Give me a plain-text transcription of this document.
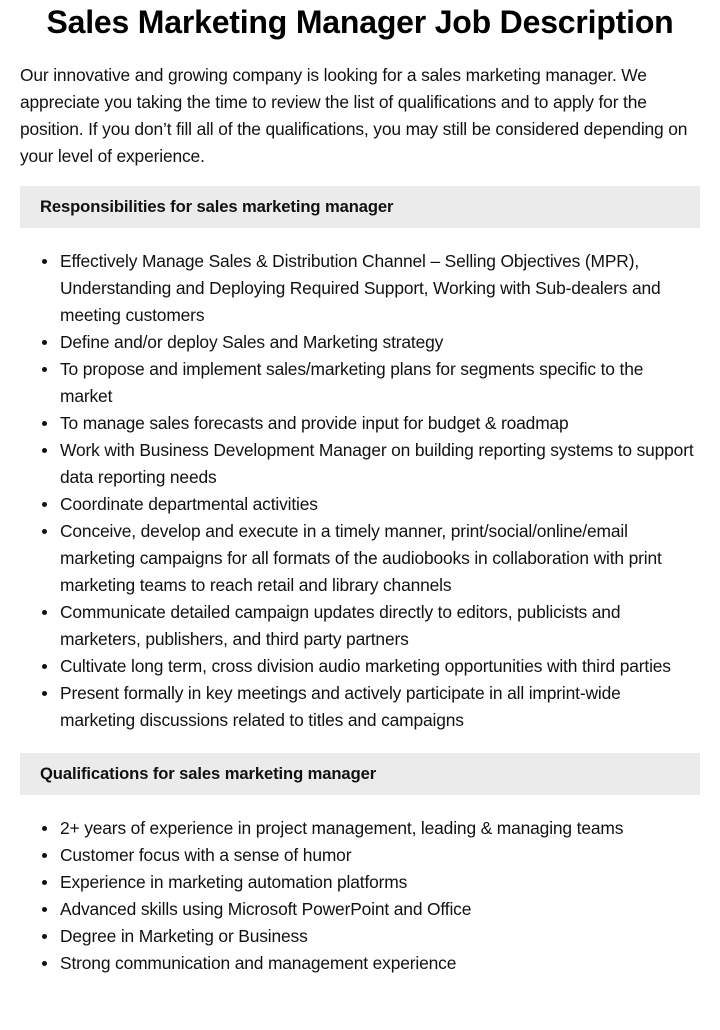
Sales Marketing Manager Job Description

Our innovative and growing company is looking for a sales marketing manager. We appreciate you taking the time to review the list of qualifications and to apply for the position. If you don’t fill all of the qualifications, you may still be considered depending on your level of experience.

Responsibilities for sales marketing manager
Effectively Manage Sales & Distribution Channel – Selling Objectives (MPR), Understanding and Deploying Required Support, Working with Sub-dealers and meeting customers
Define and/or deploy Sales and Marketing strategy
To propose and implement sales/marketing plans for segments specific to the market
To manage sales forecasts and provide input for budget & roadmap
Work with Business Development Manager on building reporting systems to support data reporting needs
Coordinate departmental activities
Conceive, develop and execute in a timely manner, print/social/online/email marketing campaigns for all formats of the audiobooks in collaboration with print marketing teams to reach retail and library channels
Communicate detailed campaign updates directly to editors, publicists and marketers, publishers, and third party partners
Cultivate long term, cross division audio marketing opportunities with third parties
Present formally in key meetings and actively participate in all imprint-wide marketing discussions related to titles and campaigns
Qualifications for sales marketing manager
2+ years of experience in project management, leading & managing teams
Customer focus with a sense of humor
Experience in marketing automation platforms
Advanced skills using Microsoft PowerPoint and Office
Degree in Marketing or Business
Strong communication and management experience
